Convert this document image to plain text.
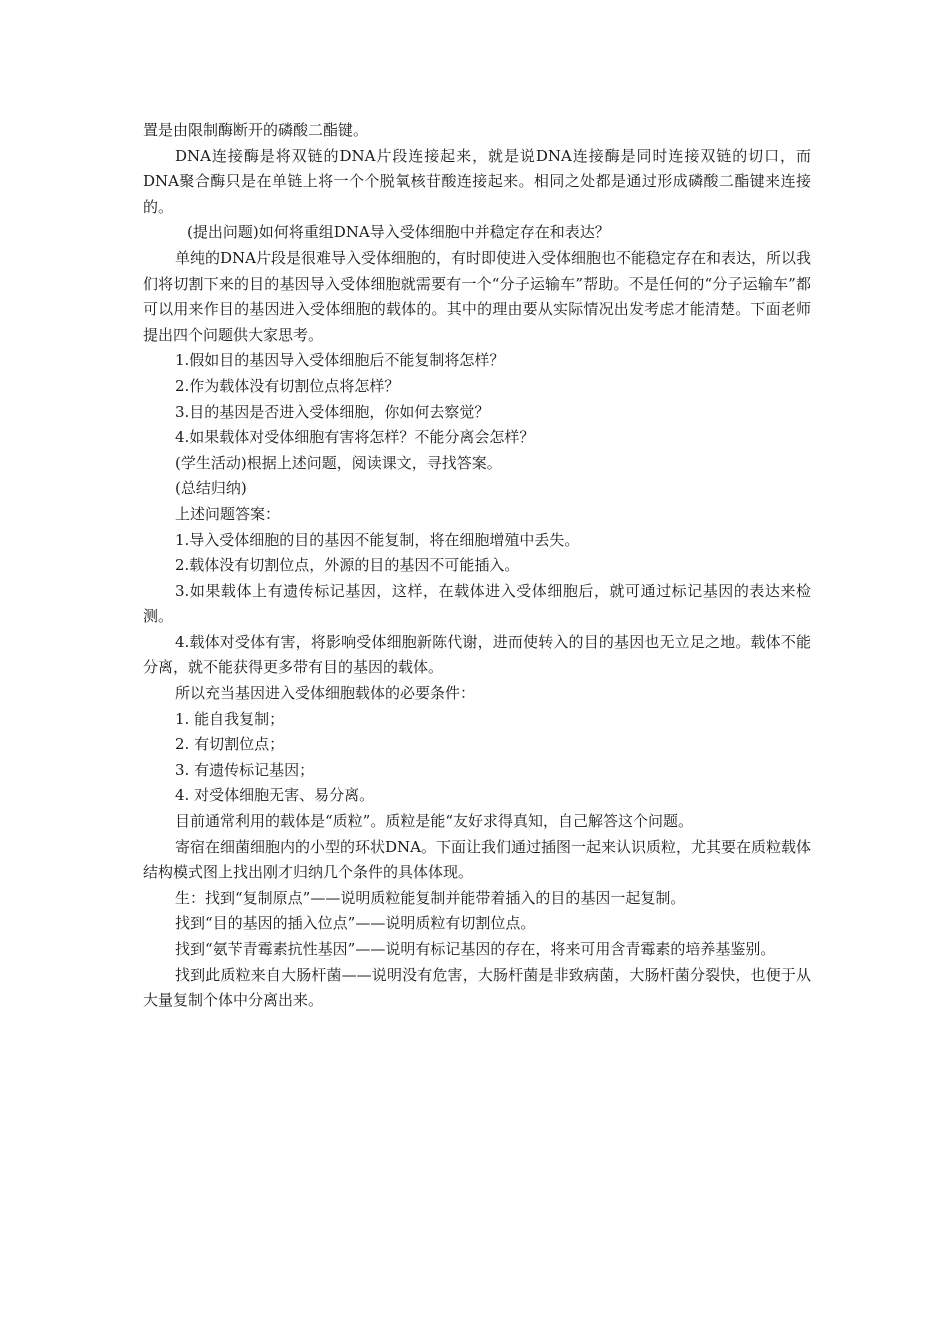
置是由限制酶断开的磷酸二酯键。

DNA连接酶是将双链的DNA片段连接起来，就是说DNA连接酶是同时连接双链的切口，而DNA聚合酶只是在单链上将一个个脱氧核苷酸连接起来。相同之处都是通过形成磷酸二酯键来连接的。

(提出问题)如何将重组DNA导入受体细胞中并稳定存在和表达？

单纯的DNA片段是很难导入受体细胞的，有时即使进入受体细胞也不能稳定存在和表达，所以我们将切割下来的目的基因导入受体细胞就需要有一个“分子运输车”帮助。不是任何的“分子运输车”都可以用来作目的基因进入受体细胞的载体的。其中的理由要从实际情况出发考虑才能清楚。下面老师提出四个问题供大家思考。

1.假如目的基因导入受体细胞后不能复制将怎样？

2.作为载体没有切割位点将怎样？

3.目的基因是否进入受体细胞，你如何去察觉？

4.如果载体对受体细胞有害将怎样？不能分离会怎样？

(学生活动)根据上述问题，阅读课文，寻找答案。

(总结归纳)

上述问题答案：

1.导入受体细胞的目的基因不能复制，将在细胞增殖中丢失。

2.载体没有切割位点，外源的目的基因不可能插入。

3.如果载体上有遗传标记基因，这样，在载体进入受体细胞后，就可通过标记基因的表达来检测。

4.载体对受体有害，将影响受体细胞新陈代谢，进而使转入的目的基因也无立足之地。载体不能分离，就不能获得更多带有目的基因的载体。

所以充当基因进入受体细胞载体的必要条件：

1. 能自我复制；

2. 有切割位点；

3. 有遗传标记基因；

4. 对受体细胞无害、易分离。

目前通常利用的载体是“质粒”。质粒是能“友好求得真知，自己解答这个问题。

寄宿在细菌细胞内的小型的环状DNA。下面让我们通过插图一起来认识质粒，尤其要在质粒载体结构模式图上找出刚才归纳几个条件的具体体现。

生：找到“复制原点”——说明质粒能复制并能带着插入的目的基因一起复制。

找到“目的基因的插入位点”——说明质粒有切割位点。

找到“氨苄青霉素抗性基因”——说明有标记基因的存在，将来可用含青霉素的培养基鉴别。

找到此质粒来自大肠杆菌——说明没有危害，大肠杆菌是非致病菌，大肠杆菌分裂快，也便于从大量复制个体中分离出来。
